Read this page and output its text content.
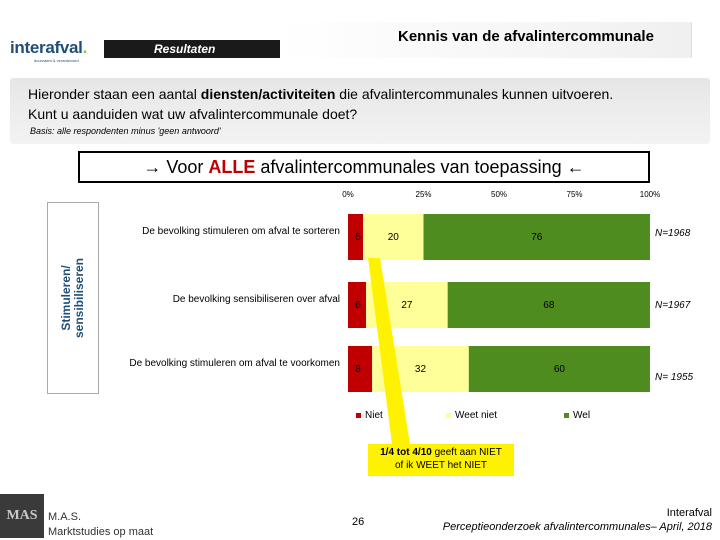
interafval.
duurzaam & verantwoord
Resultaten
Kennis van de afvalintercommunale
Hieronder staan een aantal diensten/activiteiten die afvalintercommunales kunnen uitvoeren.
Kunt u aanduiden wat uw afvalintercommunale doet?
Basis: alle respondenten minus 'geen antwoord'
→ Voor ALLE afvalintercommunales van toepassing ←
Stimuleren/ sensibiliseren
0%	25%	50%	75%	100%
De bevolking stimuleren om afval te sorteren
De bevolking sensibiliseren over afval
De bevolking stimuleren om afval te voorkomen
5	20	76
6	27	68
8	32	60
N=1968
N=1967
N= 1955
Niet	Weet niet	Wel
1/4 tot 4/10 geeft aan NIET
of ik WEET het NIET
MAS M.A.S.
Marktstudies op maat
26
Interafval
Perceptieonderzoek afvalintercommunales– April, 2018
